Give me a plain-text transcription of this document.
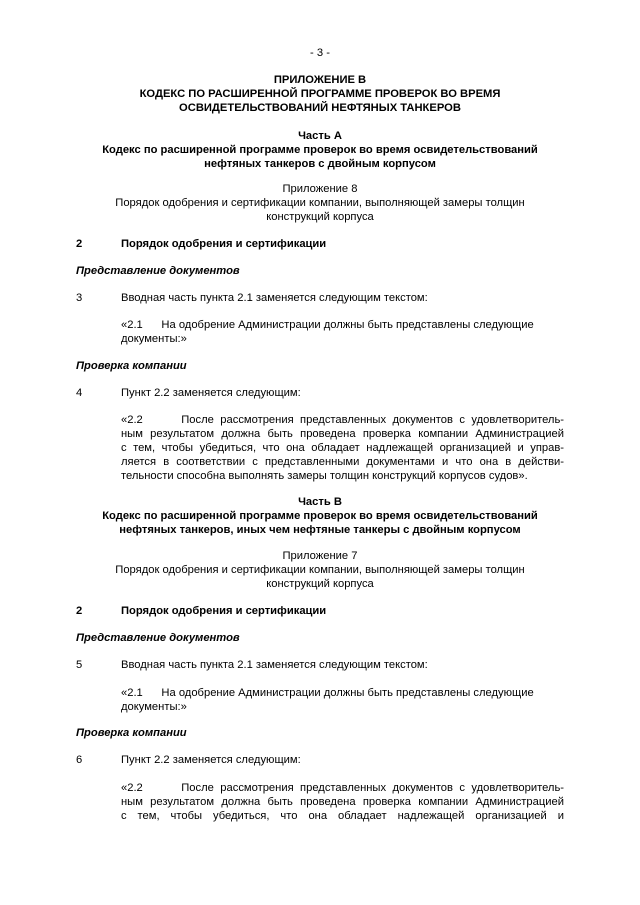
- 3 -
ПРИЛОЖЕНИЕ В
КОДЕКС ПО РАСШИРЕННОЙ ПРОГРАММЕ ПРОВЕРОК ВО ВРЕМЯ
ОСВИДЕТЕЛЬСТВОВАНИЙ НЕФТЯНЫХ ТАНКЕРОВ
Часть А
Кодекс по расширенной программе проверок во время освидетельствований
нефтяных танкеров с двойным корпусом
Приложение 8
Порядок одобрения и сертификации компании, выполняющей замеры толщин
конструкций корпуса
2	Порядок одобрения и сертификации
Представление документов
3	Вводная часть пункта 2.1 заменяется следующим текстом:

«2.1      На одобрение Администрации должны быть представлены следующие

документы:»

Проверка компании
4	Пункт 2.2 заменяется следующим:

«2.2      После рассмотрения представленных документов с удовлетворитель-

ным результатом должна быть проведена проверка компании Администрацией

с тем, чтобы убедиться, что она обладает надлежащей организацией и управ-

ляется в соответствии с представленными документами и что она в действи-

тельности способна выполнять замеры толщин конструкций корпусов судов».

Часть В
Кодекс по расширенной программе проверок во время освидетельствований
нефтяных танкеров, иных чем нефтяные танкеры с двойным корпусом
Приложение 7
Порядок одобрения и сертификации компании, выполняющей замеры толщин
конструкций корпуса
2	Порядок одобрения и сертификации
Представление документов
5	Вводная часть пункта 2.1 заменяется следующим текстом:

«2.1      На одобрение Администрации должны быть представлены следующие

документы:»

Проверка компании
6	Пункт 2.2 заменяется следующим:

«2.2      После рассмотрения представленных документов с удовлетворитель-

ным результатом должна быть проведена проверка компании Администрацией

с тем, чтобы убедиться, что она обладает надлежащей организацией и
